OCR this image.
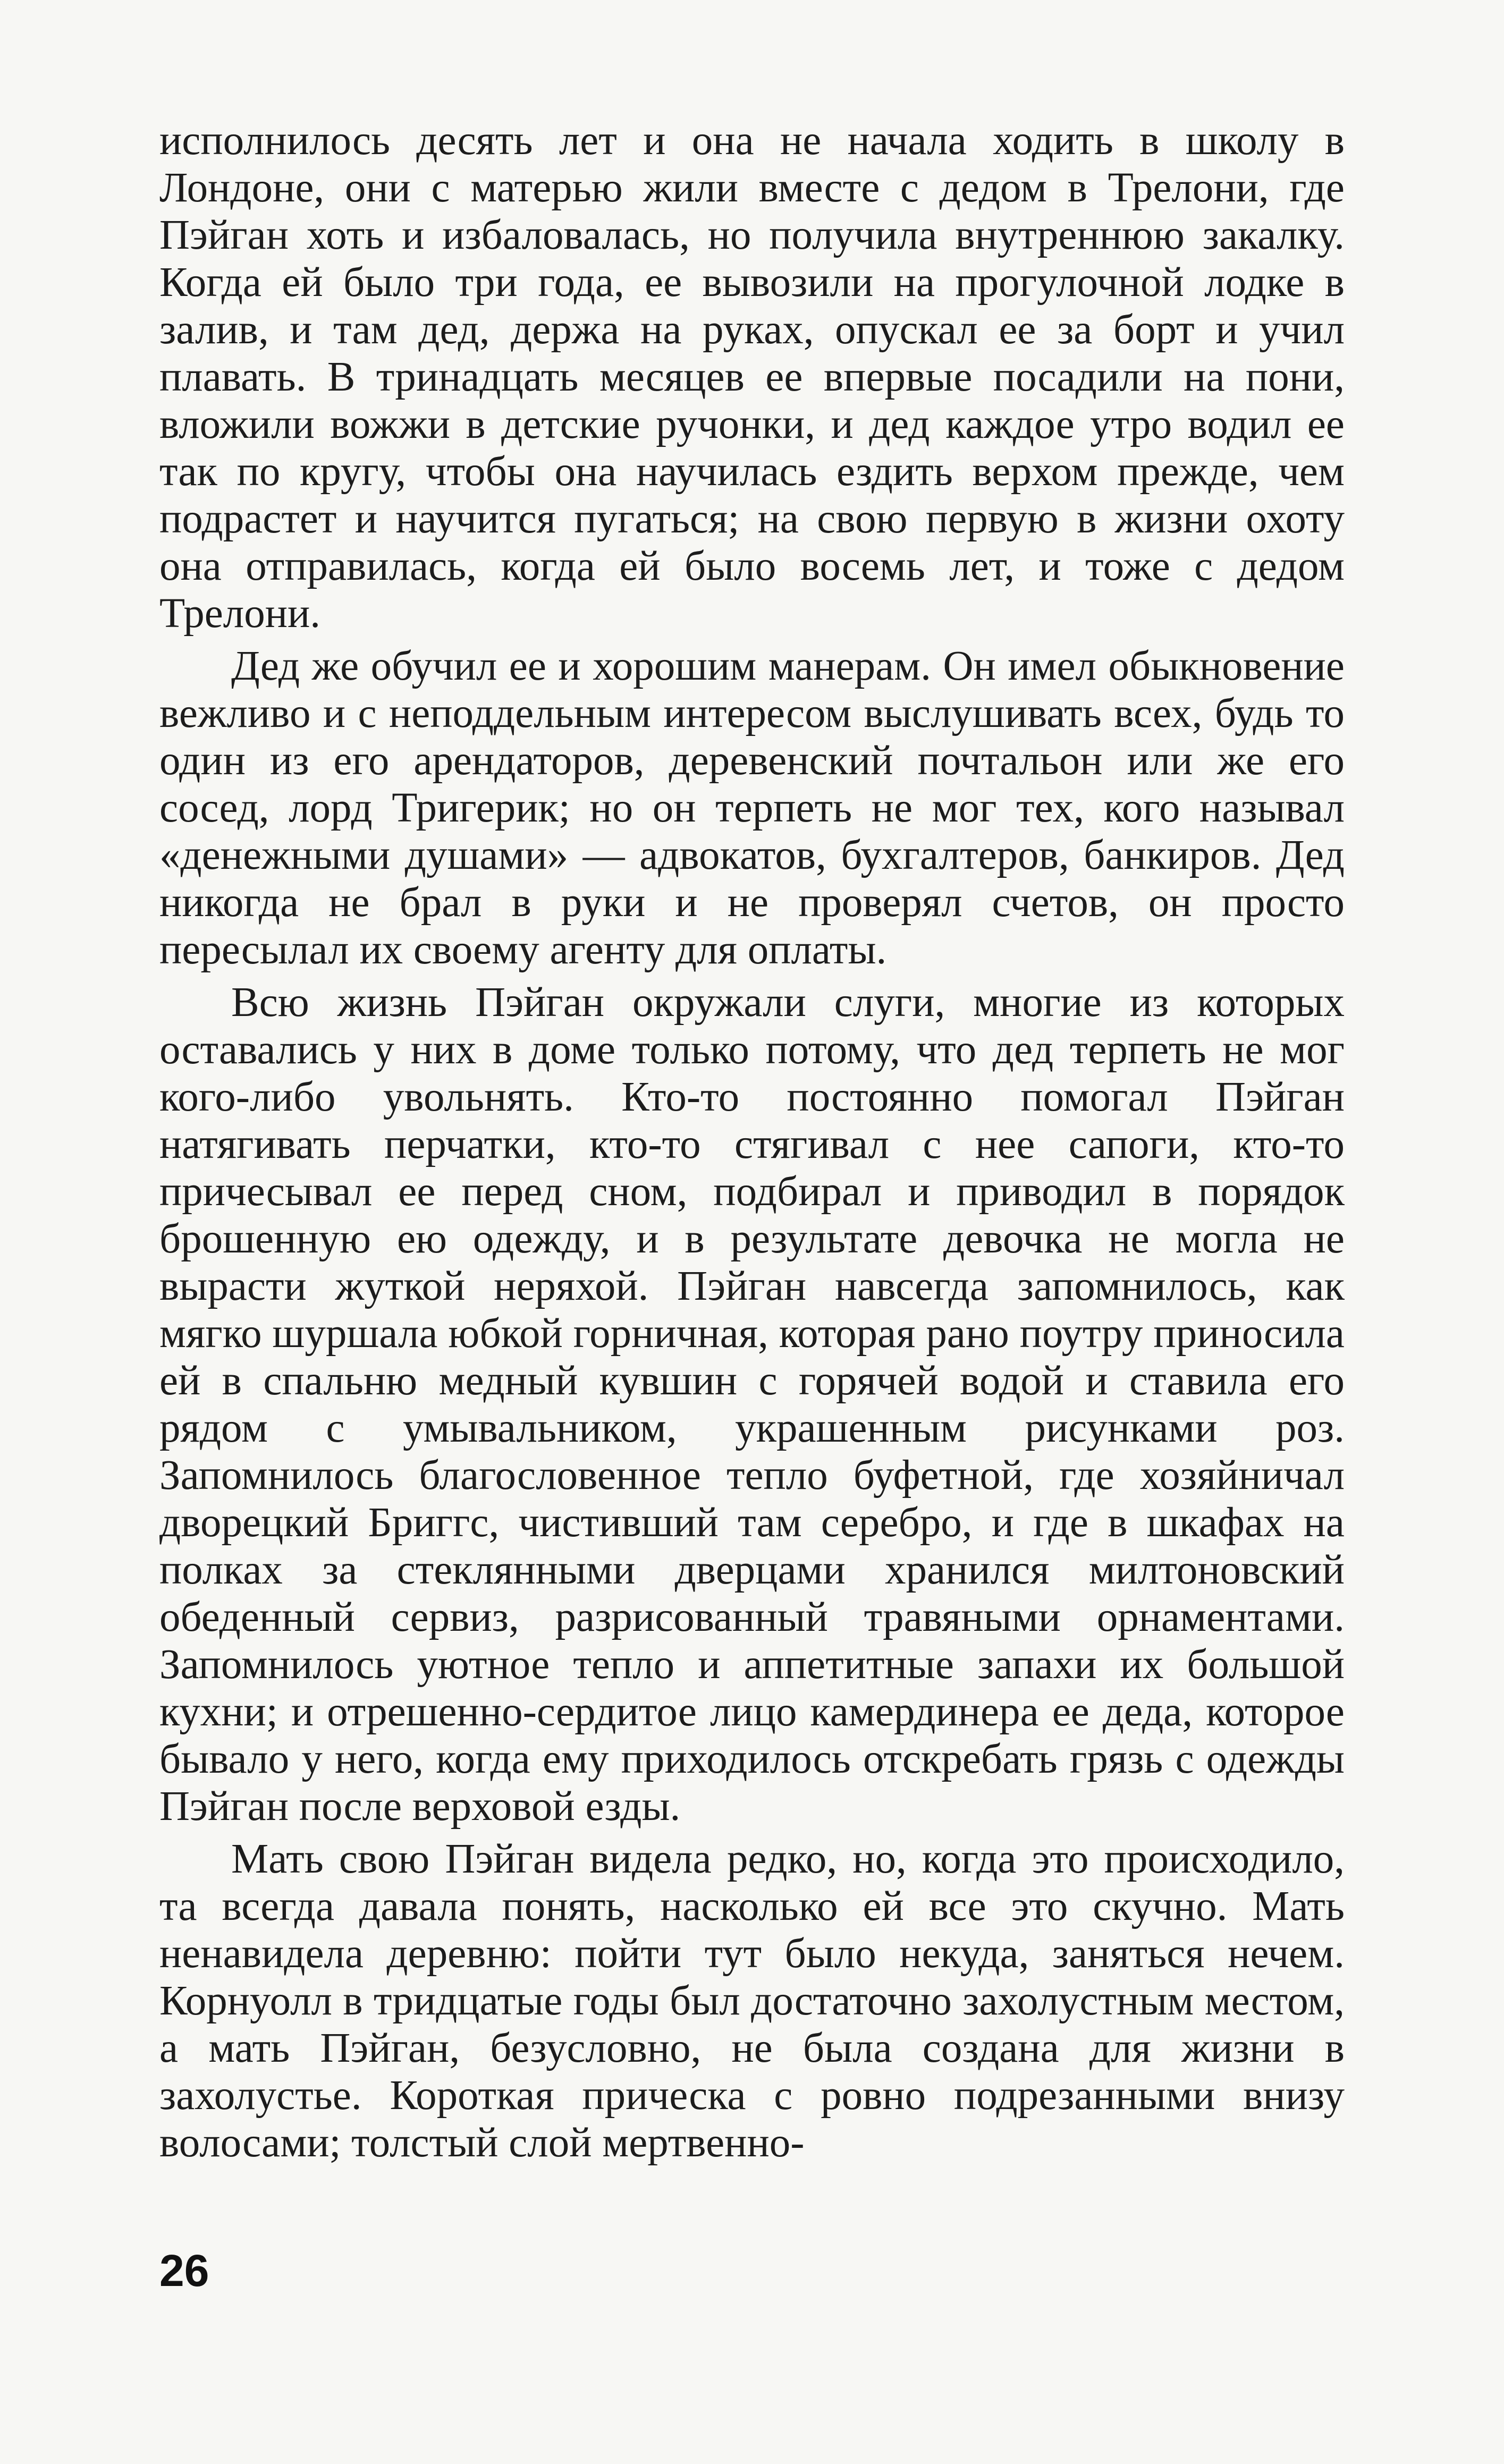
исполнилось десять лет и она не начала ходить в школу в Лондоне, они с матерью жили вместе с дедом в Трелони, где Пэйган хоть и избаловалась, но получила внутреннюю закалку. Когда ей было три года, ее вывозили на прогулочной лодке в залив, и там дед, держа на руках, опускал ее за борт и учил плавать. В тринадцать месяцев ее впервые посадили на пони, вложили вожжи в детские ручонки, и дед каждое утро водил ее так по кругу, чтобы она научилась ездить верхом прежде, чем подрастет и научится пугаться; на свою первую в жизни охоту она отправилась, когда ей было восемь лет, и тоже с дедом Трелони.

Дед же обучил ее и хорошим манерам. Он имел обыкновение вежливо и с неподдельным интересом выслушивать всех, будь то один из его арендаторов, деревенский почтальон или же его сосед, лорд Тригерик; но он терпеть не мог тех, кого называл «денежными душами» — адвокатов, бухгалтеров, банкиров. Дед никогда не брал в руки и не проверял счетов, он просто пересылал их своему агенту для оплаты.

Всю жизнь Пэйган окружали слуги, многие из которых оставались у них в доме только потому, что дед терпеть не мог кого-либо увольнять. Кто-то постоянно помогал Пэйган натягивать перчатки, кто-то стягивал с нее сапоги, кто-то причесывал ее перед сном, подбирал и приводил в порядок брошенную ею одежду, и в результате девочка не могла не вырасти жуткой неряхой. Пэйган навсегда запомнилось, как мягко шуршала юбкой горничная, которая рано поутру приносила ей в спальню медный кувшин с горячей водой и ставила его рядом с умывальником, украшенным рисунками роз. Запомнилось благословенное тепло буфетной, где хозяйничал дворецкий Бриггс, чистивший там серебро, и где в шкафах на полках за стеклянными дверцами хранился милтоновский обеденный сервиз, разрисованный травяными орнаментами. Запомнилось уютное тепло и аппетитные запахи их большой кухни; и отрешенно-сердитое лицо камердинера ее деда, которое бывало у него, когда ему приходилось отскребать грязь с одежды Пэйган после верховой езды.

Мать свою Пэйган видела редко, но, когда это происходило, та всегда давала понять, насколько ей все это скучно. Мать ненавидела деревню: пойти тут было некуда, заняться нечем. Корнуолл в тридцатые годы был достаточно захолустным местом, а мать Пэйган, безусловно, не была создана для жизни в захолустье. Короткая прическа с ровно подрезанными внизу волосами; толстый слой мертвенно-

26
